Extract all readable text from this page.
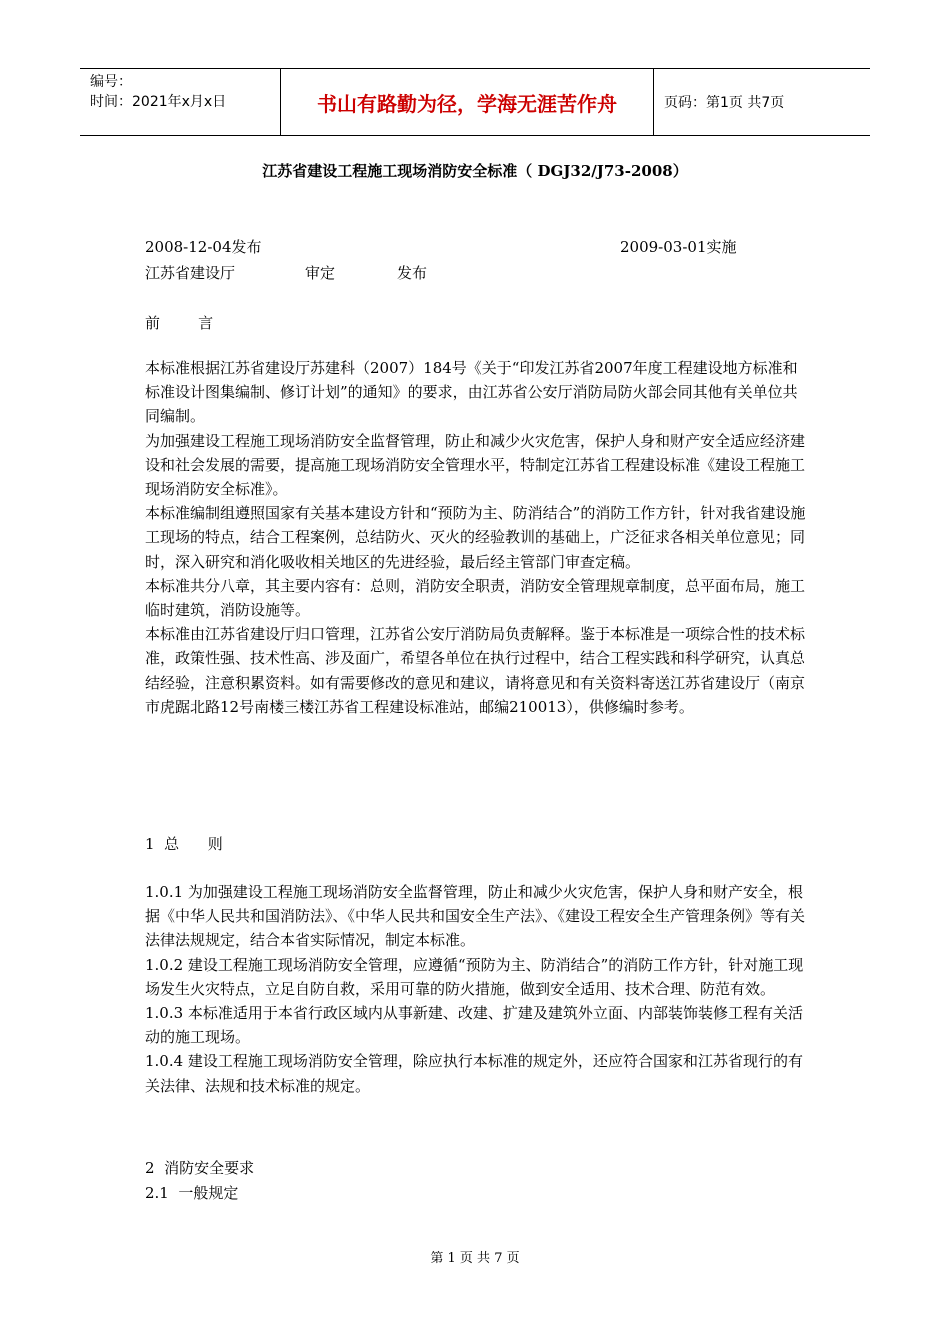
编号：
时间：2021年x月x日	书山有路勤为径，学海无涯苦作舟	页码：第1页 共7页
江苏省建设工程施工现场消防安全标准（ DGJ32/J73-2008）
2008-12-04发布	2009-03-01实施
江苏省建设厅	审定	发布
前        言

本标准根据江苏省建设厅苏建科（2007）184号《关于“印发江苏省2007年度工程建设地方标准和标准设计图集编制、修订计划”的通知》的要求，由江苏省公安厅消防局防火部会同其他有关单位共同编制。

为加强建设工程施工现场消防安全监督管理，防止和减少火灾危害，保护人身和财产安全适应经济建设和社会发展的需要，提高施工现场消防安全管理水平，特制定江苏省工程建设标准《建设工程施工现场消防安全标准》。

本标准编制组遵照国家有关基本建设方针和“预防为主、防消结合”的消防工作方针，针对我省建设施工现场的特点，结合工程案例，总结防火、灭火的经验教训的基础上，广泛征求各相关单位意见；同时，深入研究和消化吸收相关地区的先进经验，最后经主管部门审查定稿。

本标准共分八章，其主要内容有：总则，消防安全职责，消防安全管理规章制度，总平面布局，施工临时建筑，消防设施等。

本标准由江苏省建设厅归口管理，江苏省公安厅消防局负责解释。鉴于本标准是一项综合性的技术标准，政策性强、技术性高、涉及面广，希望各单位在执行过程中，结合工程实践和科学研究，认真总结经验，注意积累资料。如有需要修改的意见和建议，请将意见和有关资料寄送江苏省建设厅（南京市虎踞北路12号南楼三楼江苏省工程建设标准站，邮编210013），供修编时参考。

1  总      则

1.0.1 为加强建设工程施工现场消防安全监督管理，防止和减少火灾危害，保护人身和财产安全，根据《中华人民共和国消防法》、《中华人民共和国安全生产法》、《建设工程安全生产管理条例》等有关法律法规规定，结合本省实际情况，制定本标准。

1.0.2 建设工程施工现场消防安全管理，应遵循“预防为主、防消结合”的消防工作方针，针对施工现场发生火灾特点，立足自防自救，采用可靠的防火措施，做到安全适用、技术合理、防范有效。

1.0.3 本标准适用于本省行政区域内从事新建、改建、扩建及建筑外立面、内部装饰装修工程有关活动的施工现场。

1.0.4 建设工程施工现场消防安全管理，除应执行本标准的规定外，还应符合国家和江苏省现行的有关法律、法规和技术标准的规定。

2  消防安全要求
2.1  一般规定
第 1 页 共 7 页
